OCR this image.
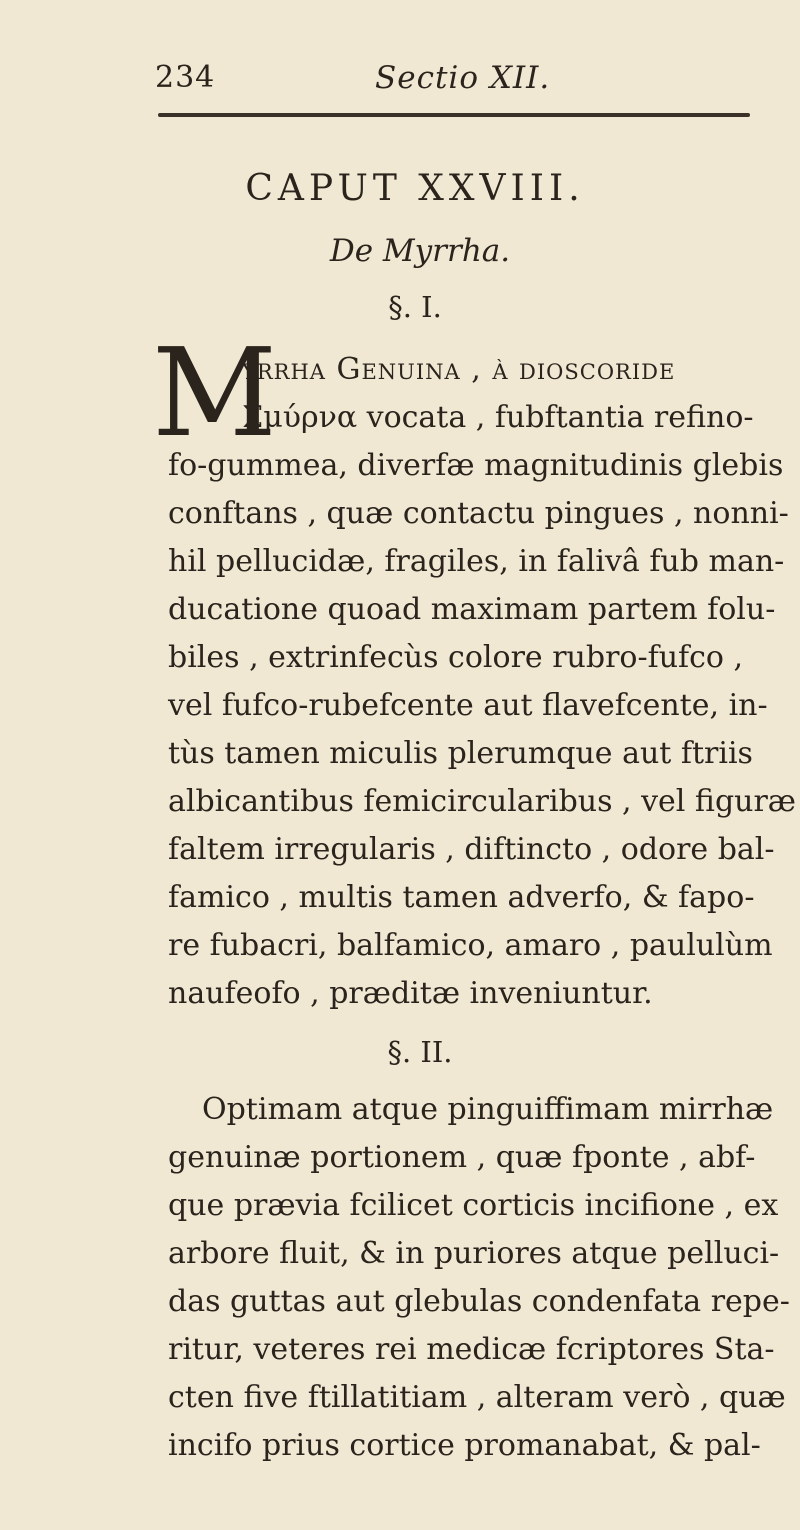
234	Sectio XII.
CAPUT XXVIII.
De Myrrha.
§. I.
M
yrrha Genuina , à dioscoride
Σμύρνα vocata , fubftantia refino-
fo-gummea, diverfæ magnitudinis glebis
conftans , quæ contactu pingues , nonni-
hil pellucidæ, fragiles, in falivâ fub man-
ducatione quoad maximam partem folu-
biles , extrinfecùs colore rubro-fufco ,
vel fufco-rubefcente aut flavefcente, in-
tùs tamen miculis plerumque aut ftriis
albicantibus femicircularibus , vel figuræ
faltem irregularis , diftincto , odore bal-
famico , multis tamen adverfo, & fapo-
re fubacri, balfamico, amaro , paululùm
naufeofo , præditæ inveniuntur.
§. II.
Optimam atque pinguiffimam mirrhæ
genuinæ portionem , quæ fponte , abf-
que prævia fcilicet corticis incifione , ex
arbore fluit, & in puriores atque pelluci-
das guttas aut glebulas condenfata repe-
ritur, veteres rei medicæ fcriptores Sta-
cten five ftillatitiam , alteram verò , quæ
incifo prius cortice promanabat, & pal-
